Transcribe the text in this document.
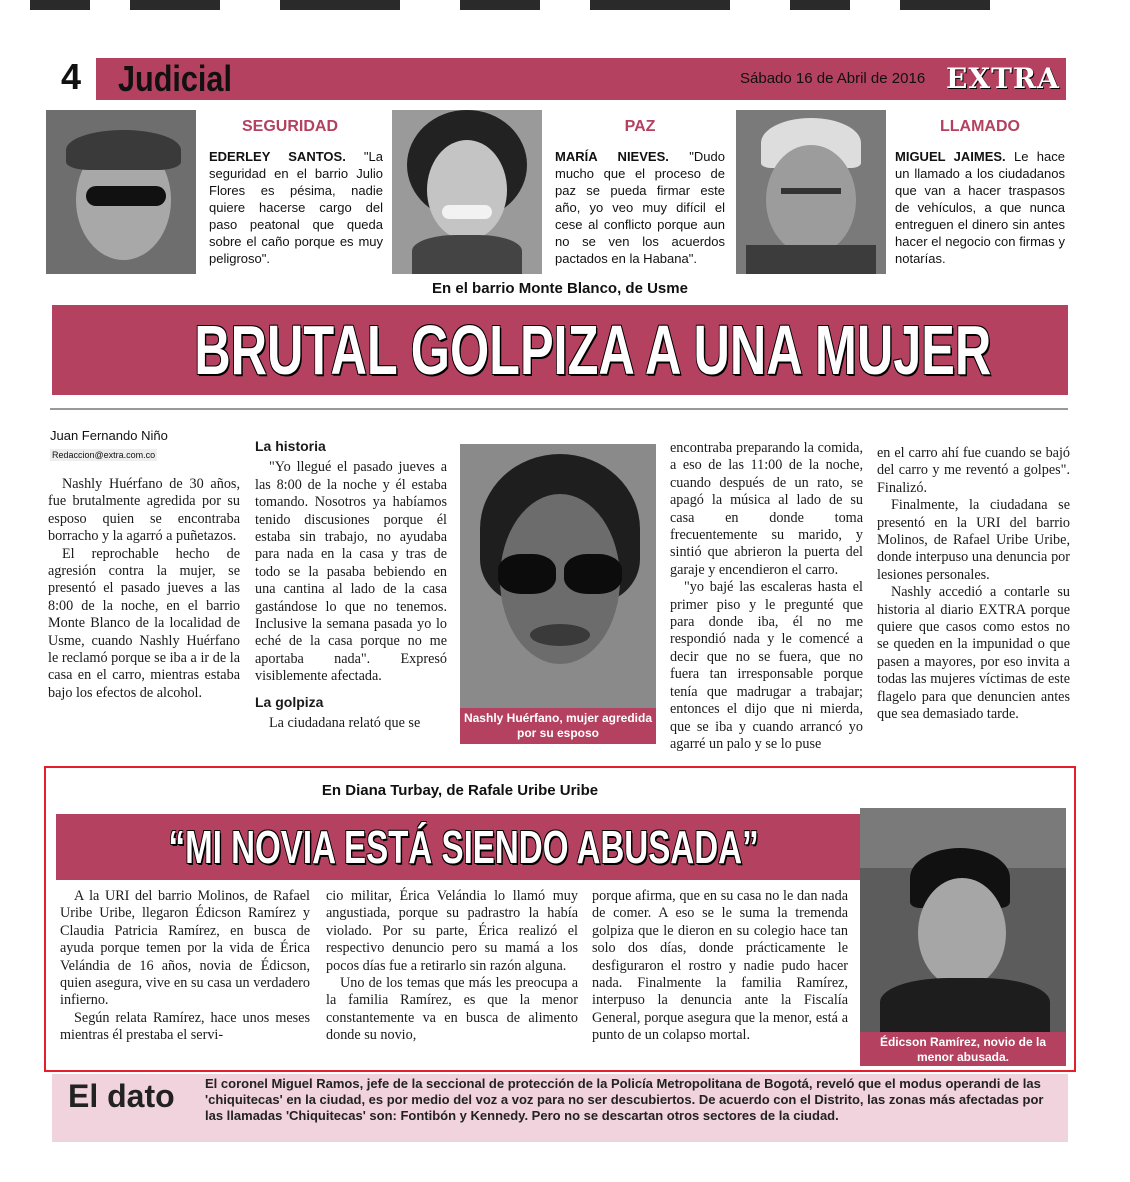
4	Judicial	Sábado 16 de Abril de 2016 EXTRA
SEGURIDAD
EDERLEY SANTOS. "La seguridad en el barrio Julio Flores es pésima, nadie quiere hacerse cargo del paso peatonal que queda sobre el caño porque es muy peligroso".
PAZ
MARÍA NIEVES. "Dudo mucho que el proceso de paz se pueda firmar este año, yo veo muy difícil el cese al conflicto porque aun no se ven los acuerdos pactados en la Habana".
LLAMADO
MIGUEL JAIMES. Le hace un llamado a los ciudadanos que van a hacer traspasos de vehículos, a que nunca entreguen el dinero sin antes hacer el negocio con firmas y notarías.
En el barrio Monte Blanco, de Usme
BRUTAL GOLPIZA A UNA MUJER
Juan Fernando Niño
Redaccion@extra.com.co

Nashly Huérfano de 30 años, fue brutalmente agredida por su esposo quien se encontraba borracho y la agarró a puñetazos.

El reprochable hecho de agresión contra la mujer, se presentó el pasado jueves a las 8:00 de la noche, en el barrio Monte Blanco de la localidad de Usme, cuando Nashly Huérfano le reclamó porque se iba a ir de la casa en el carro, mientras estaba bajo los efectos de alcohol.

La historia

"Yo llegué el pasado jueves a las 8:00 de la noche y él estaba tomando. Nosotros ya habíamos tenido discusiones porque él estaba sin trabajo, no ayudaba para nada en la casa y tras de todo se la pasaba bebiendo en una cantina al lado de la casa gastándose lo que no tenemos. Inclusive la semana pasada yo lo eché de la casa porque no me aportaba nada". Expresó visiblemente afectada.

La golpiza

La ciudadana relató que se	Nashly Huérfano, mujer agredida por su esposo

encontraba preparando la comida, a eso de las 11:00 de la noche, cuando después de un rato, se apagó la música al lado de su casa en donde toma frecuentemente su marido, y sintió que abrieron la puerta del garaje y encendieron el carro.

"yo bajé las escaleras hasta el primer piso y le pregunté que para donde iba, él no me respondió nada y le comencé a decir que no se fuera, que no fuera tan irresponsable porque tenía que madrugar a trabajar; entonces el dijo que ni mierda, que se iba y cuando arrancó yo agarré un palo y se lo puse

en el carro ahí fue cuando se bajó del carro y me reventó a golpes". Finalizó.

Finalmente, la ciudadana se presentó en la URI del barrio Molinos, de Rafael Uribe Uribe, donde interpuso una denuncia por lesiones personales.

Nashly accedió a contarle su historia al diario EXTRA porque quiere que casos como estos no se queden en la impunidad o que pasen a mayores, por eso invita a todas las mujeres víctimas de este flagelo para que denuncien antes que sea demasiado tarde.

En Diana Turbay, de Rafale Uribe Uribe
“MI NOVIA ESTÁ SIENDO ABUSADA”
Édicson Ramírez, novio de la menor abusada.

A la URI del barrio Molinos, de Rafael Uribe Uribe, llegaron Édicson Ramírez y Claudia Patricia Ramírez, en busca de ayuda porque temen por la vida de Érica Velándia de 16 años, novia de Édicson, quien asegura, vive en su casa un verdadero infierno.

Según relata Ramírez, hace unos meses mientras él prestaba el servi-

cio militar, Érica Velándia lo llamó muy angustiada, porque su padrastro la había violado. Por su parte, Érica realizó el respectivo denuncio pero su mamá a los pocos días fue a retirarlo sin razón alguna.

Uno de los temas que más les preocupa a la familia Ramírez, es que la menor constantemente va en busca de alimento donde su novio,

porque afirma, que en su casa no le dan nada de comer. A eso se le suma la tremenda golpiza que le dieron en su colegio hace tan solo dos días, donde prácticamente le desfiguraron el rostro y nadie pudo hacer nada. Finalmente la familia Ramírez, interpuso la denuncia ante la Fiscalía General, porque asegura que la menor, está a punto de un colapso mortal.

El dato El coronel Miguel Ramos, jefe de la seccional de protección de la Policía Metropolitana de Bogotá, reveló que el modus operandi de las 'chiquitecas' en la ciudad, es por medio del voz a voz para no ser descubiertos. De acuerdo con el Distrito, las zonas más afectadas por las llamadas 'Chiquitecas' son: Fontibón y Kennedy. Pero no se descartan otros sectores de la ciudad.
